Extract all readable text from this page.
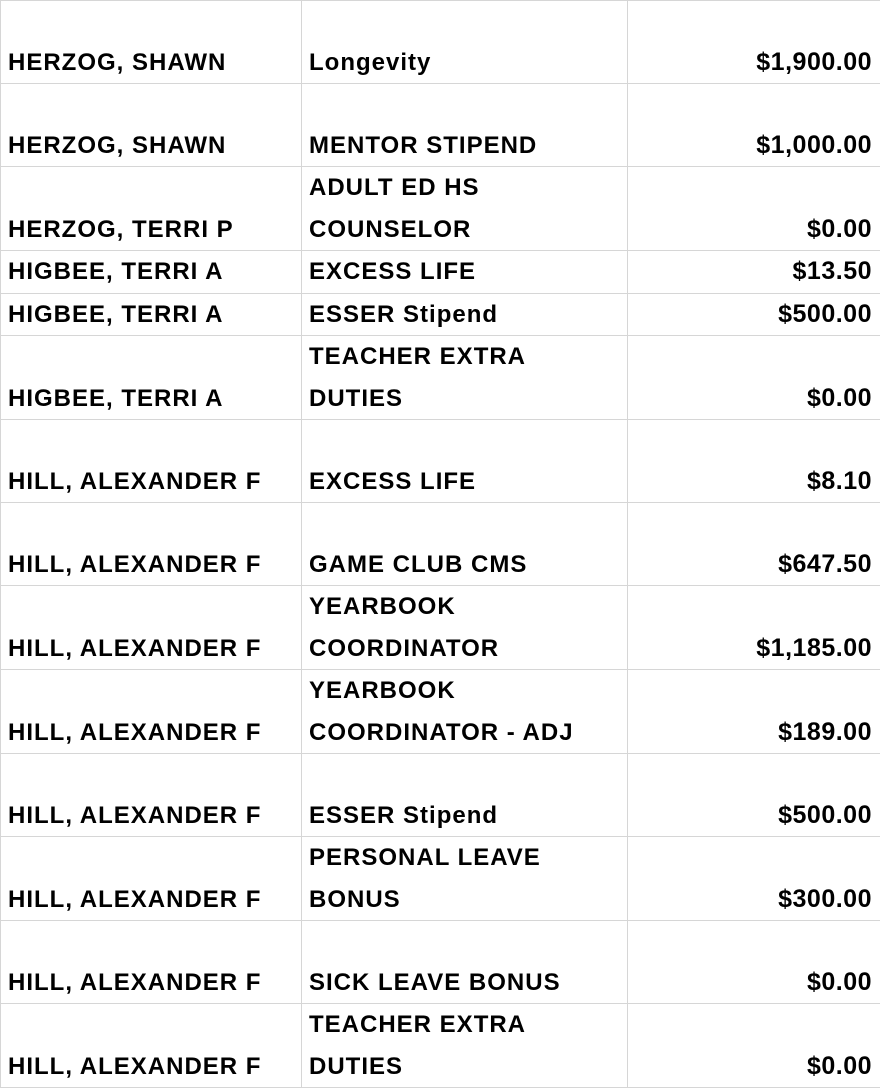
HERZOG, SHAWN	Longevity	$1,900.00
HERZOG, SHAWN	MENTOR STIPEND	$1,000.00
HERZOG, TERRI P	ADULT ED HS COUNSELOR	$0.00
HIGBEE, TERRI A	EXCESS LIFE	$13.50
HIGBEE, TERRI A	ESSER Stipend	$500.00
HIGBEE, TERRI A	TEACHER EXTRA DUTIES	$0.00
HILL, ALEXANDER F	EXCESS LIFE	$8.10
HILL, ALEXANDER F	GAME CLUB CMS	$647.50
HILL, ALEXANDER F	YEARBOOK COORDINATOR	$1,185.00
HILL, ALEXANDER F	YEARBOOK COORDINATOR - ADJ	$189.00
HILL, ALEXANDER F	ESSER Stipend	$500.00
HILL, ALEXANDER F	PERSONAL LEAVE BONUS	$300.00
HILL, ALEXANDER F	SICK LEAVE BONUS	$0.00
HILL, ALEXANDER F	TEACHER EXTRA DUTIES	$0.00
